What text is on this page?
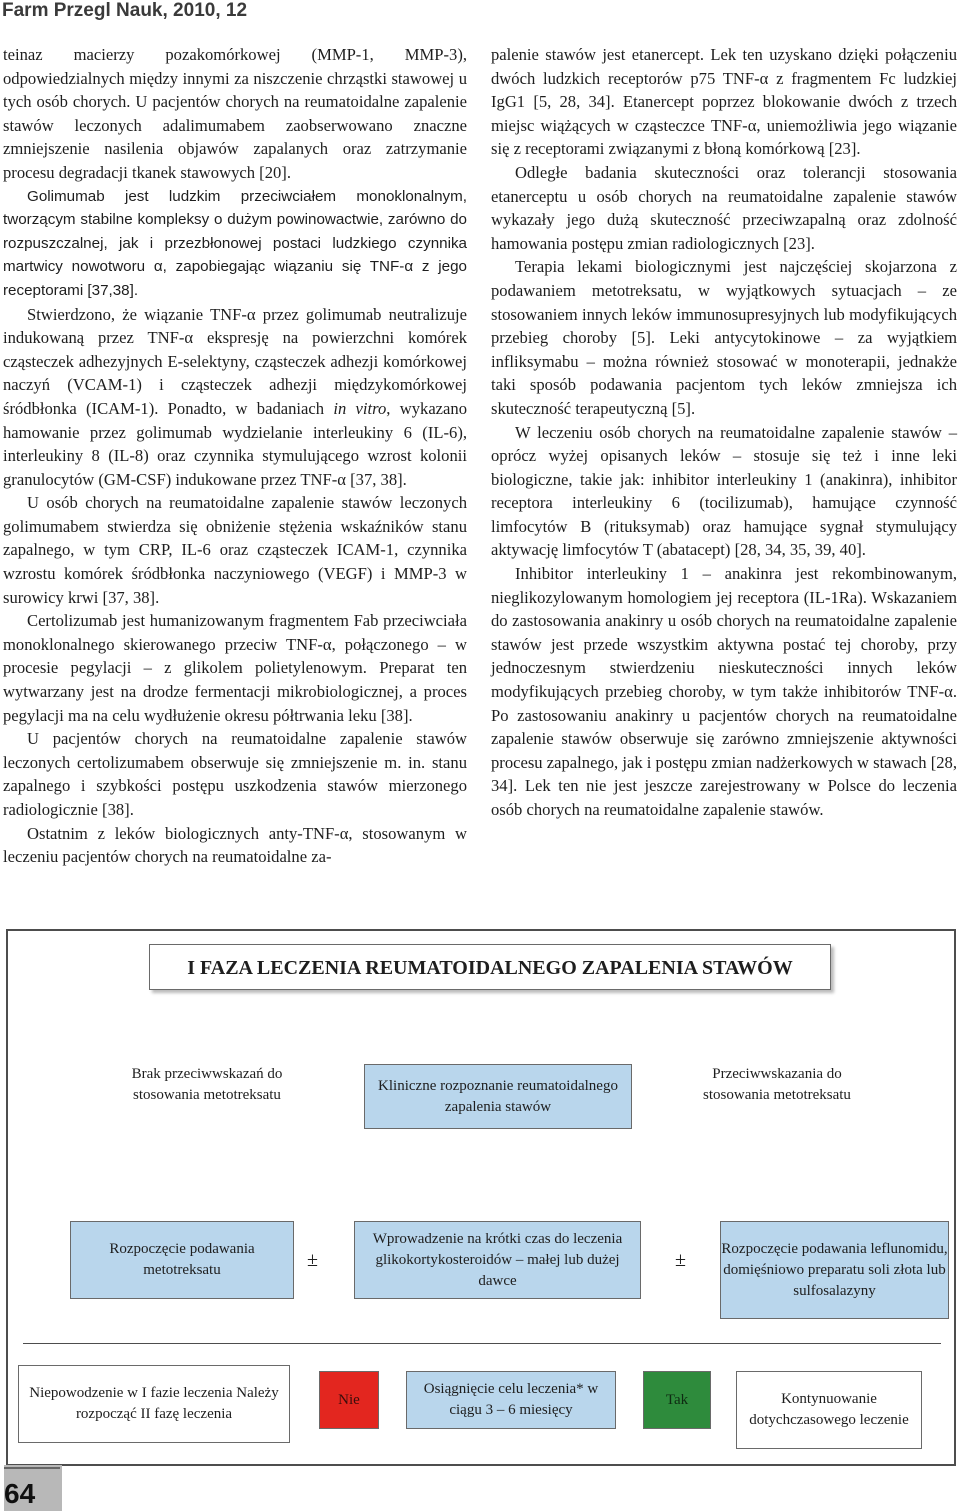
Farm Przegl Nauk, 2010, 12

teinaz macierzy pozakomórkowej (MMP-1, MMP-3), odpowiedzialnych między innymi za niszczenie chrząstki stawowej u tych osób chorych. U pacjentów chorych na reumatoidalne zapalenie stawów leczonych adalimumabem zaobserwowano znaczne zmniejszenie nasilenia objawów zapalanych oraz zatrzymanie procesu degradacji tkanek stawowych [20].

Golimumab jest ludzkim przeciwciałem monoklonalnym, tworzącym stabilne kompleksy o dużym powinowactwie, zarówno do rozpuszczalnej, jak i przezbłonowej postaci ludzkiego czynnika martwicy nowotworu α, zapobiegając wiązaniu się TNF-α z jego receptorami [37,38].

Stwierdzono, że wiązanie TNF-α przez golimumab neutralizuje indukowaną przez TNF-α ekspresję na powierzchni komórek cząsteczek adhezyjnych E-selektyny, cząsteczek adhezji komórkowej naczyń (VCAM-1) i cząsteczek adhezji międzykomórkowej śródbłonka (ICAM-1). Ponadto, w badaniach in vitro, wykazano hamowanie przez golimumab wydzielanie interleukiny 6 (IL-6), interleukiny 8 (IL-8) oraz czynnika stymulującego wzrost kolonii granulocytów (GM-CSF) indukowane przez TNF-α [37, 38].

U osób chorych na reumatoidalne zapalenie stawów leczonych golimumabem stwierdza się obniżenie stężenia wskaźników stanu zapalnego, w tym CRP, IL-6 oraz cząsteczek ICAM-1, czynnika wzrostu komórek śródbłonka naczyniowego (VEGF) i MMP-3 w surowicy krwi [37, 38].

Certolizumab jest humanizowanym fragmentem Fab przeciwciała monoklonalnego skierowanego przeciw TNF-α, połączonego – w procesie pegylacji – z glikolem polietylenowym. Preparat ten wytwarzany jest na drodze fermentacji mikrobiologicznej, a proces pegylacji ma na celu wydłużenie okresu półtrwania leku [38].

U pacjentów chorych na reumatoidalne zapalenie stawów leczonych certolizumabem obserwuje się zmniejszenie m. in. stanu zapalnego i szybkości postępu uszkodzenia stawów mierzonego radiologicznie [38].

Ostatnim z leków biologicznych anty-TNF-α, stosowanym w leczeniu pacjentów chorych na reumatoidalne za-

palenie stawów jest etanercept. Lek ten uzyskano dzięki połączeniu dwóch ludzkich receptorów p75 TNF-α z fragmentem Fc ludzkiej IgG1 [5, 28, 34]. Etanercept poprzez blokowanie dwóch z trzech miejsc wiążących w cząsteczce TNF-α, uniemożliwia jego wiązanie się z receptorami związanymi z błoną komórkową [23].

Odległe badania skuteczności oraz tolerancji stosowania etanerceptu u osób chorych na reumatoidalne zapalenie stawów wykazały jego dużą skuteczność przeciwzapalną oraz zdolność hamowania postępu zmian radiologicznych [23].

Terapia lekami biologicznymi jest najczęściej skojarzona z podawaniem metotreksatu, w wyjątkowych sytuacjach – ze stosowaniem innych leków immunosupresyjnych lub modyfikujących przebieg choroby [5]. Leki antycytokinowe – za wyjątkiem infliksymabu – można również stosować w monoterapii, jednakże taki sposób podawania pacjentom tych leków zmniejsza ich skuteczność terapeutyczną [5].

W leczeniu osób chorych na reumatoidalne zapalenie stawów – oprócz wyżej opisanych leków – stosuje się też i inne leki biologiczne, takie jak: inhibitor interleukiny 1 (anakinra), inhibitor receptora interleukiny 6 (tocilizumab), hamujące czynność limfocytów B (rituksymab) oraz hamujące sygnał stymulujący aktywację limfocytów T (abatacept) [28, 34, 35, 39, 40].

Inhibitor interleukiny 1 – anakinra jest rekombinowanym, nieglikozylowanym homologiem jej receptora (IL-1Ra). Wskazaniem do zastosowania anakinry u osób chorych na reumatoidalne zapalenie stawów jest przede wszystkim aktywna postać tej choroby, przy jednoczesnym stwierdzeniu nieskuteczności innych leków modyfikujących przebieg choroby, w tym także inhibitorów TNF-α. Po zastosowaniu anakinry u pacjentów chorych na reumatoidalne zapalenie stawów obserwuje się zarówno zmniejszenie aktywności procesu zapalnego, jak i postępu zmian nadżerkowych w stawach [28, 34]. Lek ten nie jest jeszcze zarejestrowany w Polsce do leczenia osób chorych na reumatoidalne zapalenie stawów.

I FAZA LECZENIA REUMATOIDALNEGO ZAPALENIA STAWÓW
Brak przeciwwskazań do stosowania metotreksatu
Kliniczne rozpoznanie reumatoidalnego zapalenia stawów
Przeciwwskazania do stosowania metotreksatu
Rozpoczęcie podawania metotreksatu	±
Wprowadzenie na krótki czas do leczenia glikokortykosteroidów – małej lub dużej dawce
±
Rozpoczęcie podawania leflunomidu, domięśniowo preparatu soli złota lub sulfosalazyny
Niepowodzenie w I fazie leczenia Należy rozpocząć II fazę leczenia
Nie
Osiągnięcie celu leczenia* w ciągu 3 – 6 miesięcy
Tak	Kontynuowanie dotychczasowego leczenie
64
